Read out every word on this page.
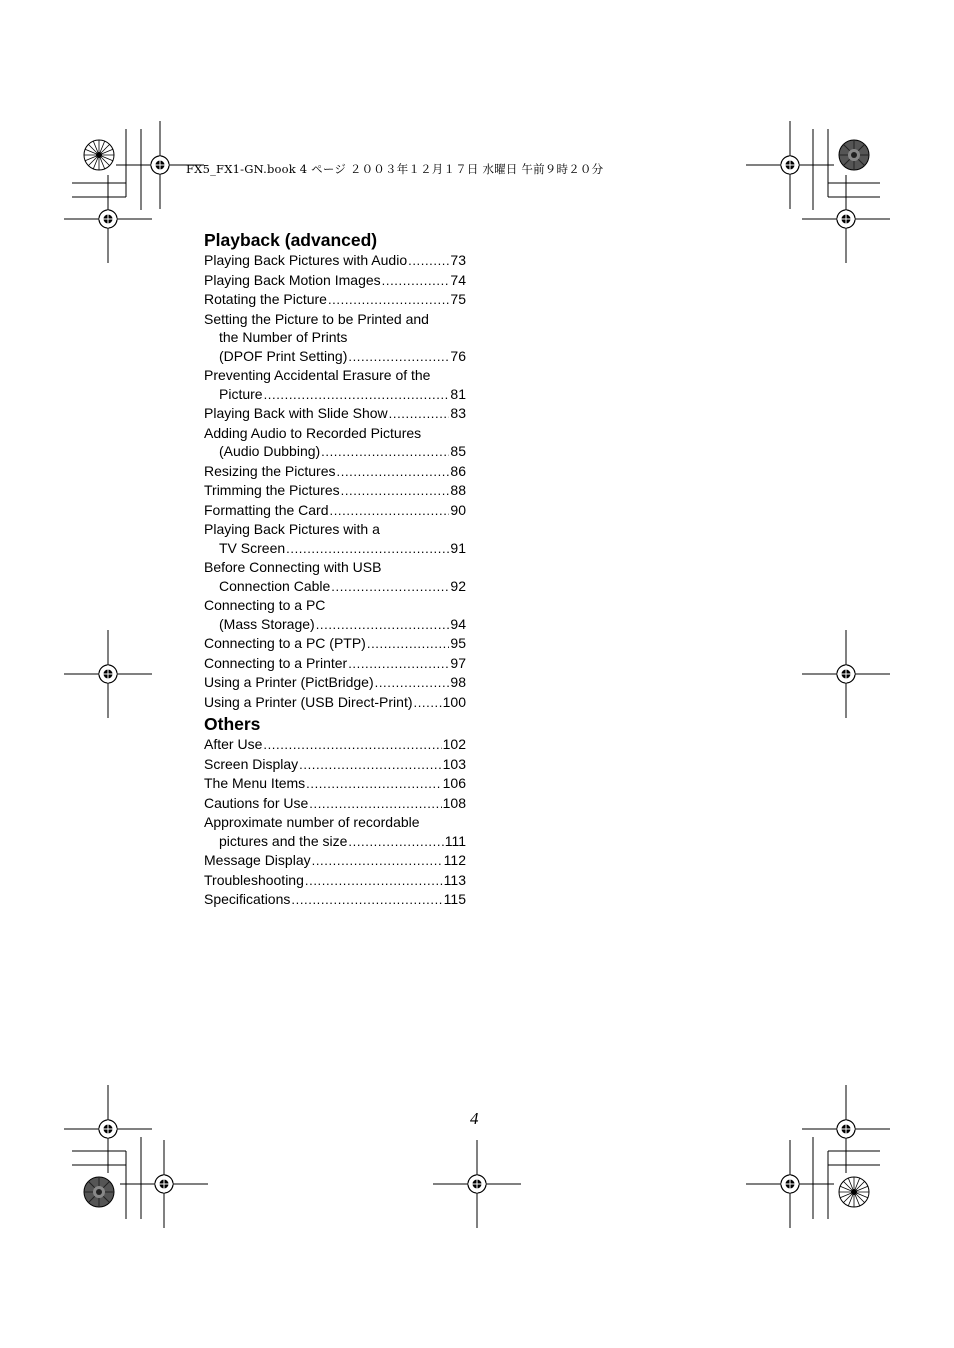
FX5_FX1-GN.book 4 ページ ２００３年１２月１７日 水曜日 午前９時２０分
Playback (advanced)
Playing Back Pictures with Audio .....	73
Playing Back Motion Images .....	74
Rotating the Picture .....	75
Setting the Picture to be Printed and
the Number of Prints
(DPOF Print Setting) .....	76
Preventing Accidental Erasure of the
Picture .....	81
Playing Back with Slide Show .....	83
Adding Audio to Recorded Pictures
(Audio Dubbing) .....	85
Resizing the Pictures .....	86
Trimming the Pictures .....	88
Formatting the Card .....	90
Playing Back Pictures with a
TV Screen .....	91
Before Connecting with USB
Connection Cable .....	92
Connecting to a PC
(Mass Storage) .....	94
Connecting to a PC (PTP) .....	95
Connecting to a Printer .....	97
Using a Printer (PictBridge) .....	98
Using a Printer (USB Direct-Print) ..... 100
Others
After Use .....	102
Screen Display .....	103
The Menu Items .....	106
Cautions for Use .....	108
Approximate number of recordable
pictures and the size .....	111
Message Display .....	112
Troubleshooting .....	113
Specifications .....	115
4
